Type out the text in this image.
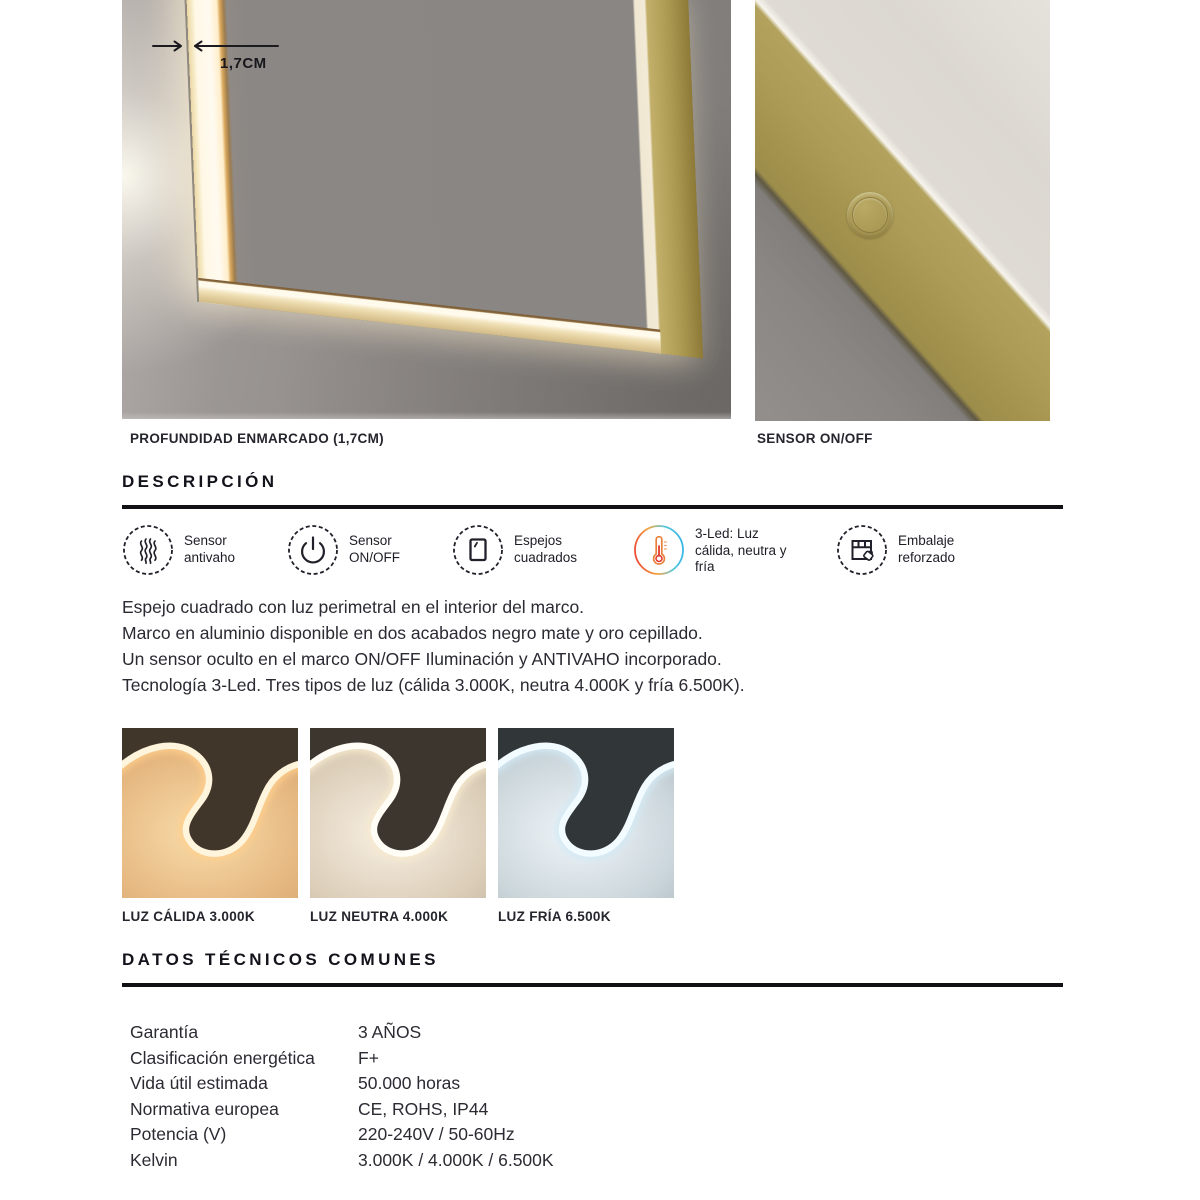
1,7CM
PROFUNDIDAD ENMARCADO (1,7CM)	SENSOR ON/OFF
DESCRIPCIÓN
Sensor antivaho
Sensor ON/OFF
Espejos cuadrados
3-Led: Luz cálida, neutra y fría
Embalaje reforzado
Espejo cuadrado con luz perimetral en el interior del marco.
Marco en aluminio disponible en dos acabados negro mate y oro cepillado.
Un sensor oculto en el marco ON/OFF Iluminación y ANTIVAHO incorporado.
Tecnología 3-Led. Tres tipos de luz (cálida 3.000K, neutra 4.000K y fría 6.500K).
LUZ CÁLIDA 3.000K	LUZ NEUTRA 4.000K	LUZ FRÍA 6.500K
DATOS TÉCNICOS COMUNES
Garantía	3 AÑOS
Clasificación energética	F+
Vida útil estimada	50.000 horas
Normativa europea	CE, ROHS, IP44
Potencia (V)	220-240V / 50-60Hz
Kelvin	3.000K / 4.000K / 6.500K
